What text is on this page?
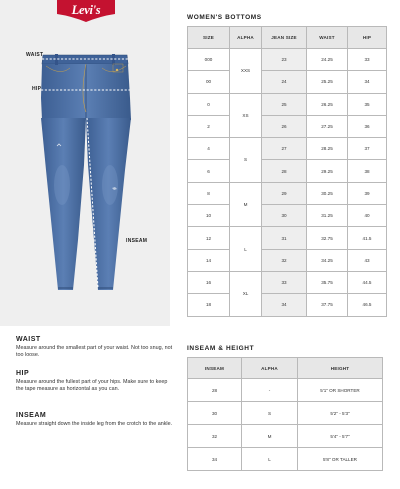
Levi's
WAIST
HIP
INSEAM
WOMEN'S BOTTOMS
SIZE	ALPHA	JEAN SIZE	WAIST	HIP
000	XXS	23	24.25	33
00		24	25.25	34
0	XS	25	26.25	35
2		26	27.25	36
4	S	27	28.25	37
6		28	29.25	38
8	M	29	30.25	39
10		30	31.25	40
12	L	31	32.75	41.5
14		32	34.25	43
16	XL	33	35.75	44.5
18		34	37.75	46.5
WAIST
Measure around the smallest part of your waist. Not too snug, not too loose.
HIP
Measure around the fullest part of your hips. Make sure to keep the tape measure as horizontal as you can.
INSEAM
Measure straight down the inside leg from the crotch to the ankle.
INSEAM & HEIGHT
INSEAM	ALPHA	HEIGHT
28	-	5'1" OR SHORTER
30	S	5'2" - 5'3"
32	M	5'4" - 5'7"
34	L	5'8" OR TALLER
